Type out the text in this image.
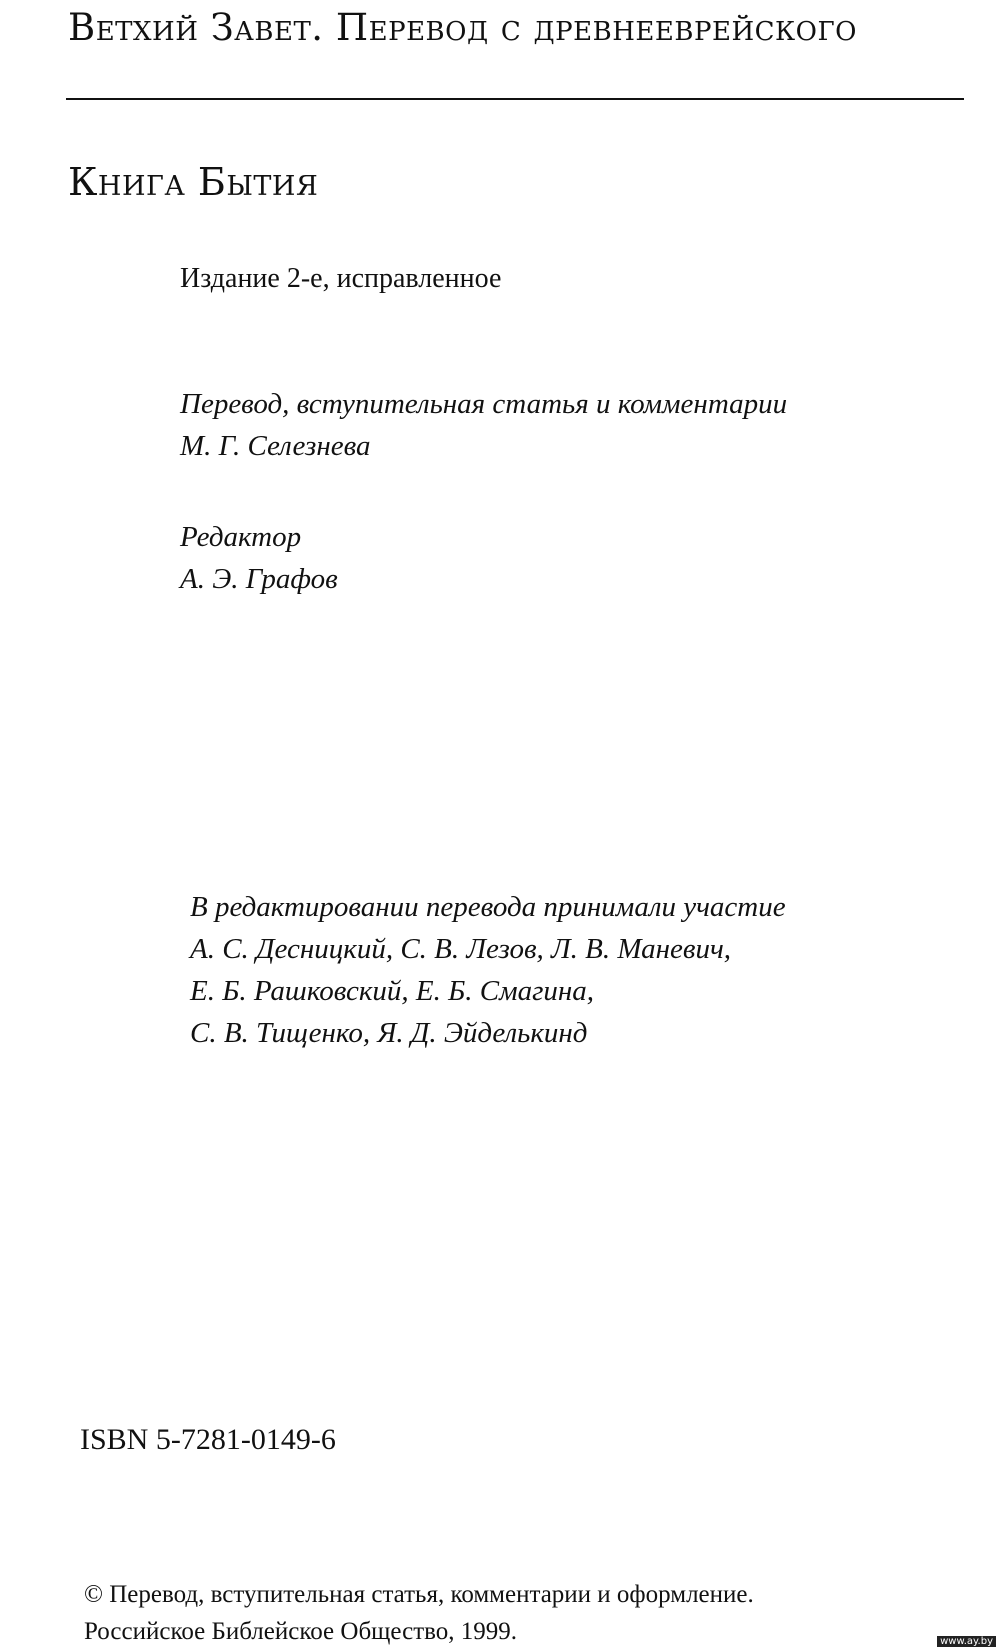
Ветхий Завет. Перевод с древнееврейского
Книга Бытия
Издание 2-е, исправленное
Перевод, вступительная статья и комментарии
М. Г. Селезнева
Редактор
А. Э. Графов
В редактировании перевода принимали участие
А. С. Десницкий, С. В. Лезов, Л. В. Маневич,
Е. Б. Рашковский, Е. Б. Смагина,
С. В. Тищенко, Я. Д. Эйделькинд
ISBN 5-7281-0149-6
© Перевод, вступительная статья, комментарии и оформление.
Российское Библейское Общество, 1999.	www.ay.by
